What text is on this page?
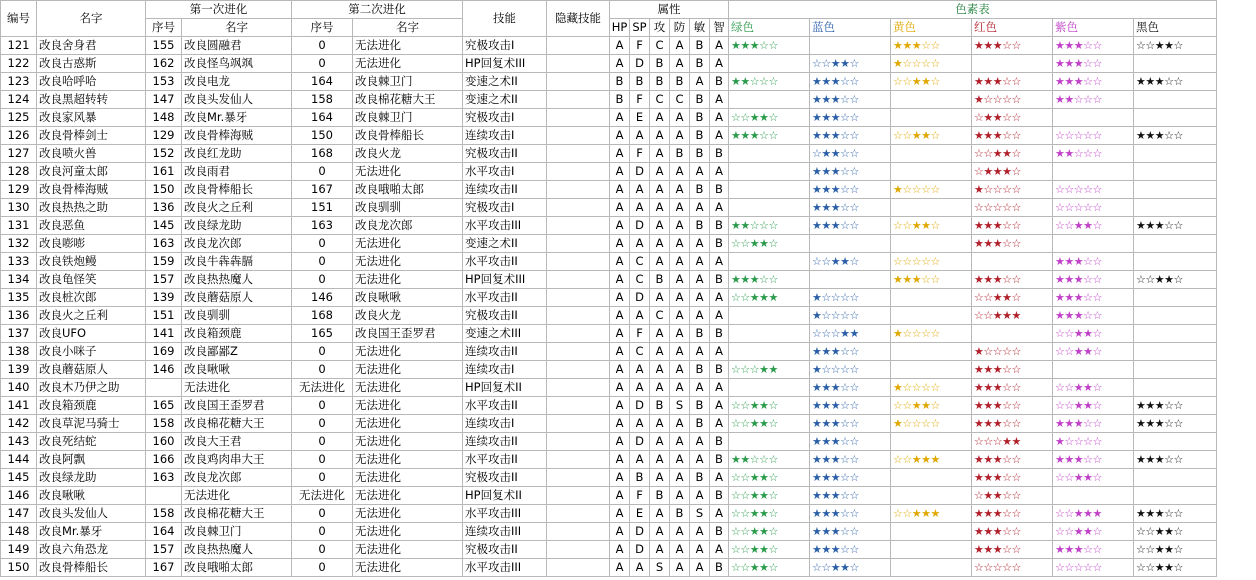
编号	名字	第一次进化		第二次进化		技能	隐藏技能	属性						色素表					
		序号	名字	序号	名字			HP	SP	攻	防	敏	智	绿色	蓝色	黄色	红色	紫色	黑色
121	改良舍身君	155	改良圆融君	0	无法进化	究极攻击I		A	F	C	A	B	A	★★★☆☆		★★★☆☆	★★★☆☆	★★★☆☆	☆☆★★☆
122	改良古惑斯	162	改良怪鸟飒飒	0	无法进化	HP回复术III		A	D	B	A	B	A		☆☆★★☆	★☆☆☆☆		★★★☆☆	
123	改良哈呼哈	153	改良电龙	164	改良棘卫门	变速之术II		B	B	B	B	A	B	★★☆☆☆	★★★☆☆	☆☆★★☆	★★★☆☆	★★★☆☆	★★★☆☆
124	改良黑超转转	147	改良头发仙人	158	改良棉花糖大王	变速之术II		B	F	C	C	B	A		★★★☆☆		★☆☆☆☆	★★☆☆☆	
125	改良家风暴	148	改良Mr.暴牙	164	改良棘卫门	究极攻击I		A	E	A	A	B	A	☆☆★★☆	★★★☆☆		☆★★☆☆		
126	改良骨棒剑士	129	改良骨棒海贼	150	改良骨棒船长	连续攻击I		A	A	A	A	B	A	★★★☆☆	★★★☆☆	☆☆★★☆	★★★☆☆	☆☆☆☆☆	★★★☆☆
127	改良喷火兽	152	改良红龙助	168	改良火龙	究极攻击II		A	F	A	B	B	B		☆★★☆☆		☆☆★★☆	★★☆☆☆	
128	改良河童太郎	161	改良雨君	0	无法进化	水平攻击I		A	D	A	A	A	A		★★★☆☆		☆★★★☆		
129	改良骨棒海贼	150	改良骨棒船长	167	改良哦啪太郎	连续攻击II		A	A	A	A	B	B		★★★☆☆	★☆☆☆☆	★☆☆☆☆	☆☆☆☆☆	
130	改良热热之助	136	改良火之丘利	151	改良驯驯	究极攻击I		A	A	A	A	A	A		★★★☆☆		☆☆☆☆☆	☆☆☆☆☆	
131	改良恶鱼	145	改良绿龙助	163	改良龙次郎	水平攻击III		A	D	A	A	B	B	★★☆☆☆	★★★☆☆	☆☆★★☆	★★★☆☆	☆☆★★☆	★★★☆☆
132	改良嘭嘭	163	改良龙次郎	0	无法进化	变速之术II		A	A	A	A	A	B	☆☆★★☆			★★★☆☆		
133	改良铁炮鳗	159	改良牛犇犇膈	0	无法进化	水平攻击II		A	C	A	A	A	A		☆☆★★☆	☆☆☆☆☆		★★★☆☆	
134	改良龟怪笑	157	改良热热魔人	0	无法进化	HP回复术III		A	C	B	A	A	B	★★★☆☆		★★★☆☆	★★★☆☆	★★★☆☆	☆☆★★☆
135	改良桩次郎	139	改良蘑菇原人	146	改良啾啾	水平攻击II		A	D	A	A	A	A	☆☆★★★	★☆☆☆☆		☆☆★★☆	★★★☆☆	
136	改良火之丘利	151	改良驯驯	168	改良火龙	究极攻击II		A	A	C	A	A	A		★☆☆☆☆		☆☆★★★	★★★☆☆	
137	改良UFO	141	改良箱颈鹿	165	改良国王歪罗君	变速之术III		A	F	A	A	B	B		☆☆☆★★	★☆☆☆☆		☆☆★★☆	
138	改良小咪子	169	改良鄙鄙Z	0	无法进化	连续攻击II		A	C	A	A	A	A		★★★☆☆		★☆☆☆☆	☆☆★★☆	
139	改良蘑菇原人	146	改良啾啾	0	无法进化	连续攻击I		A	A	A	A	B	B	☆☆☆★★	★☆☆☆☆		★★★☆☆		
140	改良木乃伊之助		无法进化	无法进化	无法进化	HP回复术II		A	A	A	A	A	A		★★★☆☆	★☆☆☆☆	★★★☆☆	☆☆★★☆	
141	改良箱颈鹿	165	改良国王歪罗君	0	无法进化	水平攻击II		A	D	B	S	B	A	☆☆★★☆	★★★☆☆	☆☆★★☆	★★★☆☆	☆☆★★☆	★★★☆☆
142	改良草泥马骑士	158	改良棉花糖大王	0	无法进化	连续攻击I		A	A	A	A	B	A	☆☆★★☆	★★★☆☆	★☆☆☆☆	★★★☆☆	★★★☆☆	★★★☆☆
143	改良死结蛇	160	改良大王君	0	无法进化	连续攻击II		A	D	A	A	A	B		★★★☆☆		☆☆☆★★	★☆☆☆☆	
144	改良阿飘	166	改良鸡肉串大王	0	无法进化	水平攻击II		A	A	A	A	A	B	★★☆☆☆	★★★☆☆	☆☆★★★	★★★☆☆	★★★☆☆	★★★☆☆
145	改良绿龙助	163	改良龙次郎	0	无法进化	究极攻击II		A	B	A	A	B	A	☆☆★★☆	★★★☆☆		★★★☆☆	☆☆★★☆	
146	改良啾啾		无法进化	无法进化	无法进化	HP回复术II		A	F	B	A	A	B	☆☆★★☆	★★★☆☆		☆★★☆☆		
147	改良头发仙人	158	改良棉花糖大王	0	无法进化	水平攻击III		A	E	A	B	S	A	☆☆★★☆	★★★☆☆	☆☆★★★	★★★☆☆	☆☆★★★	★★★☆☆
148	改良Mr.暴牙	164	改良棘卫门	0	无法进化	连续攻击III		A	D	A	A	A	B	☆☆★★☆	★★★☆☆		★★★☆☆	☆☆★★☆	☆☆★★☆
149	改良六角恐龙	157	改良热热魔人	0	无法进化	究极攻击II		A	D	A	A	A	A	☆☆★★☆	★★★☆☆		★★★☆☆	★★★☆☆	☆☆★★☆
150	改良骨棒船长	167	改良哦啪太郎	0	无法进化	水平攻击III		A	A	S	A	A	B	☆☆★★☆	☆☆★★☆		☆☆☆☆☆	☆☆☆☆☆	☆☆★★☆
